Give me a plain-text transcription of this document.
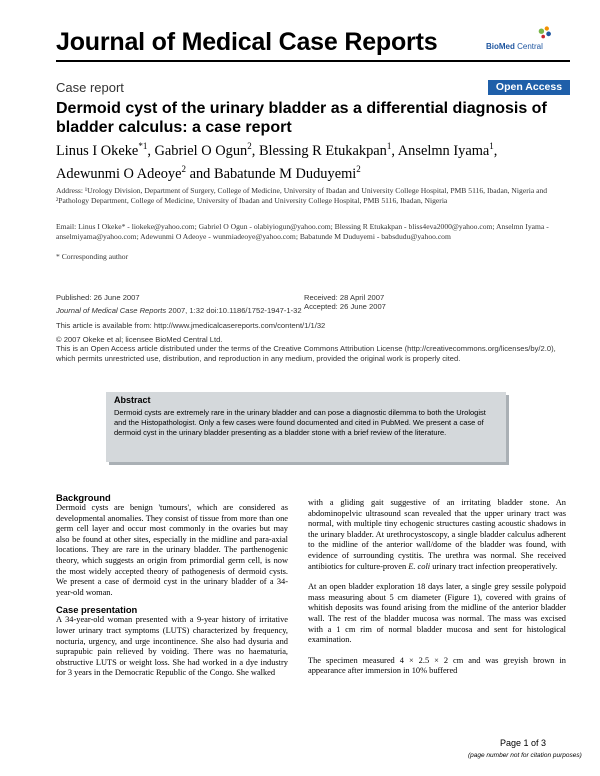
Journal of Medical Case Reports	BioMed Central
Case report	Open Access
Dermoid cyst of the urinary bladder as a differential diagnosis of bladder calculus: a case report
Linus I Okeke$^{*1}$, Gabriel O Ogun$^2$, Blessing R Etukakpan$^1$, Anselmn Iyama$^1$,
Adewunmi O Adeoye$^2$ and Babatunde M Duduyemi$^2$
Address: ¹Urology Division, Department of Surgery, College of Medicine, University of Ibadan and University College Hospital, PMB 5116, Ibadan, Nigeria and ²Pathology Department, College of Medicine, University of Ibadan and University College Hospital, PMB 5116, Ibadan, Nigeria
Email: Linus I Okeke* - liokeke@yahoo.com; Gabriel O Ogun - olabiyiogun@yahoo.com; Blessing R Etukakpan - bliss4eva2000@yahoo.com; Anselmn Iyama - anselmiyama@yahoo.com; Adewunmi O Adeoye - wunmiadeoye@yahoo.com; Babatunde M Duduyemi - babsdudu@yahoo.com
* Corresponding author
Published: 26 June 2007
Journal of Medical Case Reports 2007, 1:32 doi:10.1186/1752-1947-1-32
Received: 28 April 2007
Accepted: 26 June 2007
This article is available from: http://www.jmedicalcasereports.com/content/1/1/32
© 2007 Okeke et al; licensee BioMed Central Ltd.
This is an Open Access article distributed under the terms of the Creative Commons Attribution License (http://creativecommons.org/licenses/by/2.0), which permits unrestricted use, distribution, and reproduction in any medium, provided the original work is properly cited.
Abstract
Dermoid cysts are extremely rare in the urinary bladder and can pose a diagnostic dilemma to both the Urologist and the Histopathologist. Only a few cases were found documented and cited in PubMed. We present a case of dermoid cyst in the urinary bladder presenting as a bladder stone with a brief review of the literature.
Background

Dermoid cysts are benign 'tumours', which are considered as developmental anomalies. They consist of tissue from more than one germ cell layer and occur most commonly in the ovaries but may also be found at other sites, especially in the midline and para-axial locations. They are rare in the urinary bladder. The parthenogenic theory, which suggests an origin from primordial germ cell, is now the most widely accepted theory of pathogenesis of dermoid cysts. We present a case of dermoid cyst in the urinary bladder of a 34-year-old woman.

Case presentation

A 34-year-old woman presented with a 9-year history of irritative lower urinary tract symptoms (LUTS) characterized by frequency, nocturia, urgency, and urge incontinence. She also had dysuria and suprapubic pain relieved by voiding. There was no haematuria, obstructive LUTS or weight loss. She had worked in a dye industry for 3 years in the Democratic Republic of the Congo. She walked

with a gliding gait suggestive of an irritating bladder stone. An abdominopelvic ultrasound scan revealed that the upper urinary tract was normal, with multiple tiny echogenic structures casting acoustic shadows in the urinary bladder. At urethrocystoscopy, a single bladder calculus adherent to the midline of the anterior wall/dome of the bladder was found, with evidence of surrounding cystitis. The urethra was normal. She received antibiotics for culture-proven E. coli urinary tract infection preoperatively.

At an open bladder exploration 18 days later, a single grey sessile polypoid mass measuring about 5 cm diameter (Figure 1), covered with grains of whitish deposits was found arising from the midline of the anterior bladder wall. The rest of the bladder mucosa was normal. The mass was excised with a 1 cm rim of normal bladder mucosa and sent for histological examination.

The specimen measured 4 × 2.5 × 2 cm and was greyish brown in appearance after immersion in 10% buffered

Page 1 of 3
(page number not for citation purposes)
